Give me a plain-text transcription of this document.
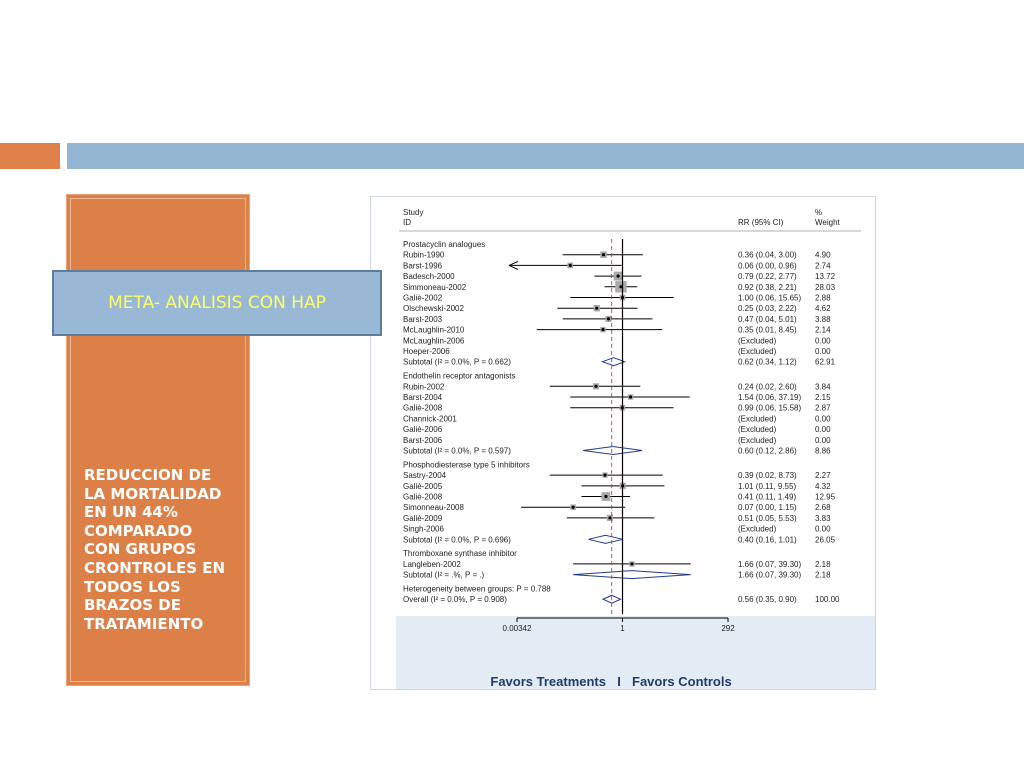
REDUCCION DE
LA MORTALIDAD
EN UN 44%
COMPARADO
CON GRUPOS
CRONTROLES EN
TODOS LOS
BRAZOS DE
TRATAMIENTO
Study
ID	RR (95% CI)
%
Weight
Prostacyclin analogues
Rubin-1990	0.36 (0.04, 3.00) 4.90
Barst-1996	0.06 (0.00, 0.96) 2.74
Badesch-2000	0.79 (0.22, 2.77) 13.72
Simmoneau-2002	0.92 (0.38, 2.21) 28.03
Galiè-2002	1.00 (0.06, 15.65) 2.88
Olschewski-2002	0.25 (0.03, 2.22) 4.62
Barst-2003	0.47 (0.04, 5.01) 3.88
McLaughlin-2010	0.35 (0.01, 8.45) 2.14
McLaughlin-2006	(Excluded)	0.00
Hoeper-2006	(Excluded)	0.00
Subtotal (I² = 0.0%, P = 0.662)	0.62 (0.34, 1.12) 62.91
Endothelin receptor antagonists
Rubin-2002	0.24 (0.02, 2.60) 3.84
Barst-2004	1.54 (0.06, 37.19) 2.15
Galiè-2008	0.99 (0.06, 15.58) 2.87
Channick-2001	(Excluded)	0.00
Galiè-2006	(Excluded)	0.00
Barst-2006	(Excluded)	0.00
Subtotal (I² = 0.0%, P = 0.597)	0.60 (0.12, 2.86) 8.86
Phosphodiesterase type 5 inhibitors
Sastry-2004	0.39 (0.02, 8.73) 2.27
Galiè-2005	1.01 (0.11, 9.55) 4.32
Galiè-2008	0.41 (0.11, 1.49) 12.95
Simonneau-2008	0.07 (0.00, 1.15) 2.68
Galiè-2009	0.51 (0.05, 5.53) 3.83
Singh-2006	(Excluded)	0.00
Subtotal (I² = 0.0%, P = 0.696)	0.40 (0.16, 1.01) 26.05
Thromboxane synthase inhibitor
Langleben-2002	1.66 (0.07, 39.30) 2.18
Subtotal (I² = .%, P = .)	1.66 (0.07, 39.30) 2.18
Heterogeneity between groups: P = 0.788
Overall (I² = 0.0%, P = 0.908)	0.56 (0.35, 0.90) 100.00
0.00342	1	292
Favors Treatments I Favors Controls
META- ANALISIS CON HAP
